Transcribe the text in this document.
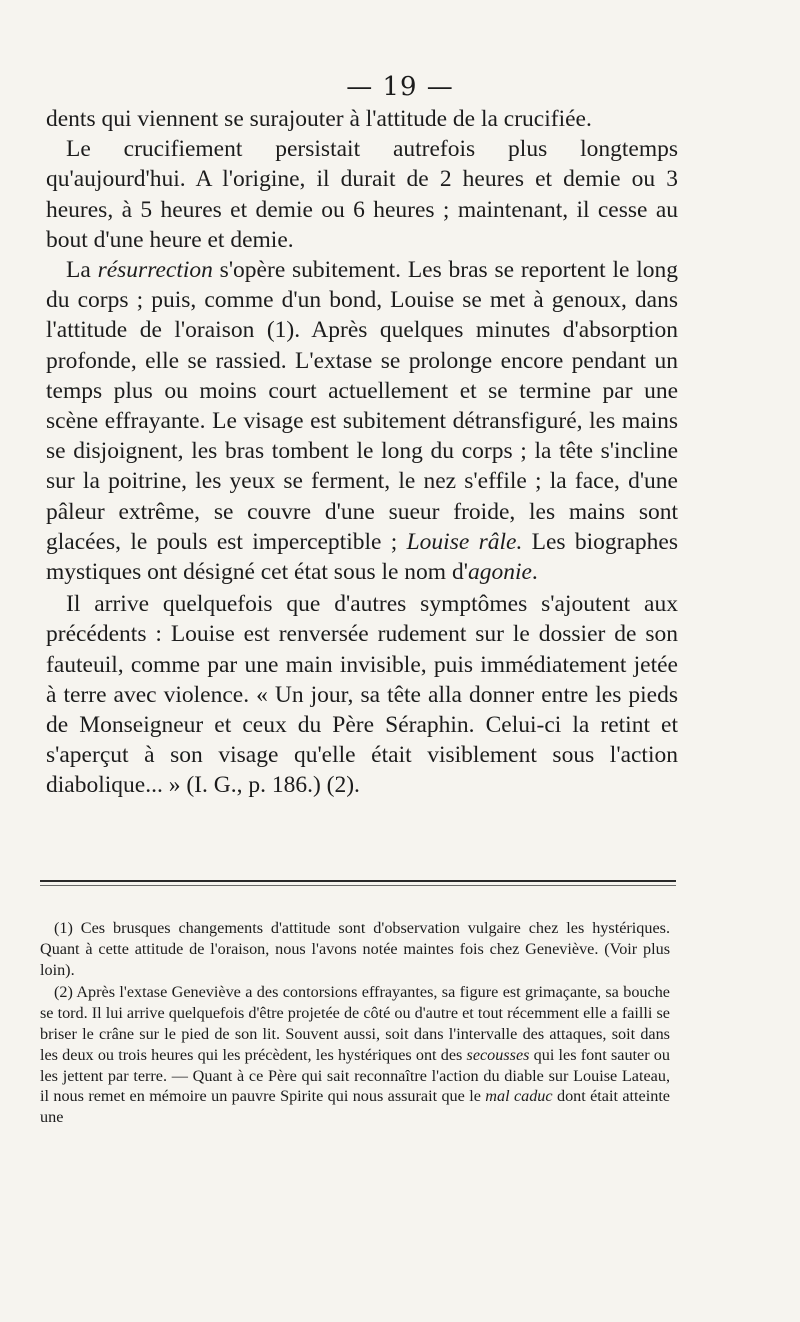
— 19 —

dents qui viennent se surajouter à l'attitude de la crucifiée.

Le crucifiement persistait autrefois plus longtemps qu'aujourd'hui. A l'origine, il durait de 2 heures et demie ou 3 heures, à 5 heures et demie ou 6 heures ; maintenant, il cesse au bout d'une heure et demie.

La résurrection s'opère subitement. Les bras se reportent le long du corps ; puis, comme d'un bond, Louise se met à genoux, dans l'attitude de l'oraison (1). Après quelques minutes d'absorption profonde, elle se rassied. L'extase se prolonge encore pendant un temps plus ou moins court actuellement et se termine par une scène effrayante. Le visage est subitement détransfiguré, les mains se disjoignent, les bras tombent le long du corps ; la tête s'incline sur la poitrine, les yeux se ferment, le nez s'effile ; la face, d'une pâleur extrême, se couvre d'une sueur froide, les mains sont glacées, le pouls est imperceptible ; Louise râle. Les biographes mystiques ont désigné cet état sous le nom d'agonie.

Il arrive quelquefois que d'autres symptômes s'ajoutent aux précédents : Louise est renversée rudement sur le dossier de son fauteuil, comme par une main invisible, puis immédiatement jetée à terre avec violence. « Un jour, sa tête alla donner entre les pieds de Monseigneur et ceux du Père Séraphin. Celui-ci la retint et s'aperçut à son visage qu'elle était visiblement sous l'action diabolique... » (I. G., p. 186.) (2).

(1) Ces brusques changements d'attitude sont d'observation vulgaire chez les hystériques. Quant à cette attitude de l'oraison, nous l'avons notée maintes fois chez Geneviève. (Voir plus loin).

(2) Après l'extase Geneviève a des contorsions effrayantes, sa figure est grimaçante, sa bouche se tord. Il lui arrive quelquefois d'être projetée de côté ou d'autre et tout récemment elle a failli se briser le crâne sur le pied de son lit. Souvent aussi, soit dans l'intervalle des attaques, soit dans les deux ou trois heures qui les précèdent, les hystériques ont des secousses qui les font sauter ou les jettent par terre. — Quant à ce Père qui sait reconnaître l'action du diable sur Louise Lateau, il nous remet en mémoire un pauvre Spirite qui nous assurait que le mal caduc dont était atteinte une
